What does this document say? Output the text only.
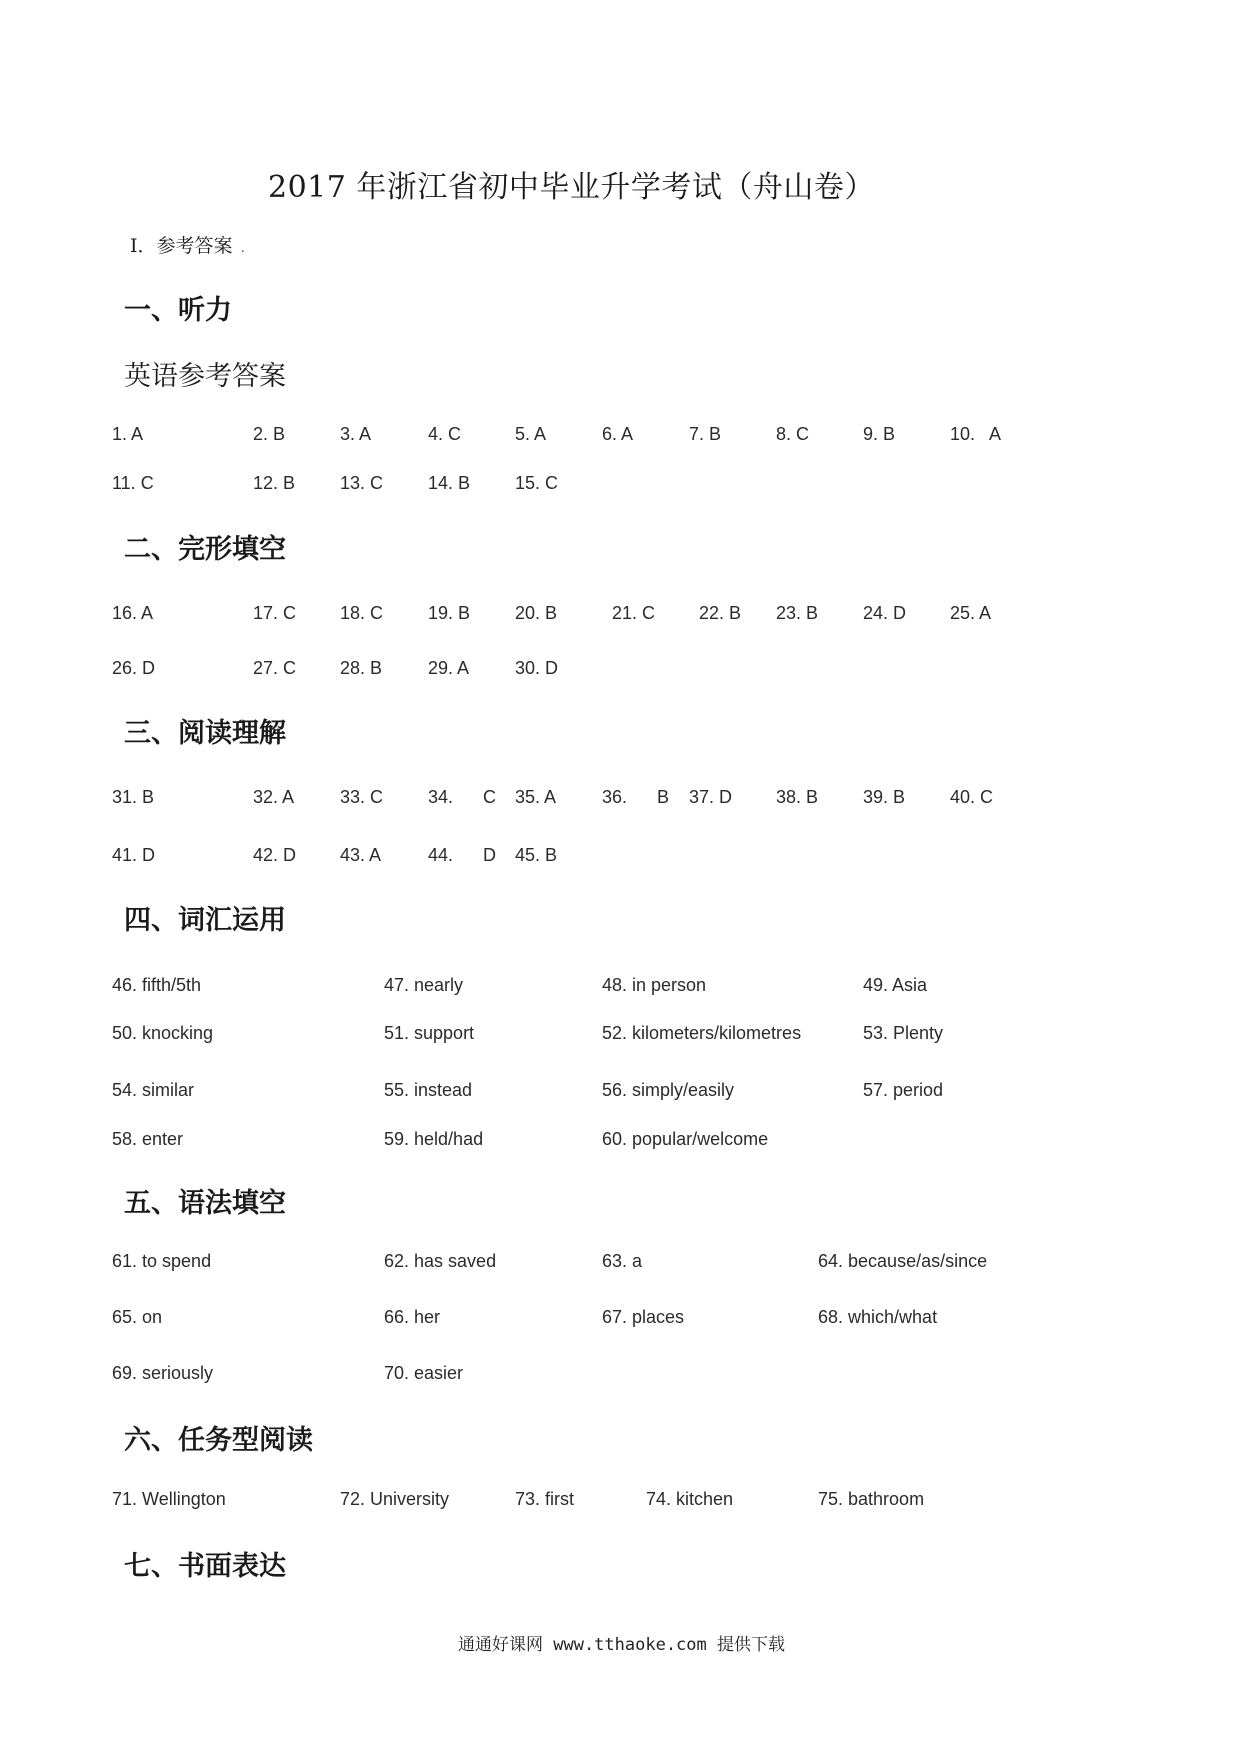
2017 年浙江省初中毕业升学考试（舟山卷）
Ⅰ．参考答案 .
一、听力
英语参考答案
1. A	2. B	3. A	4. C	5. A	6. A	7. B	8. C	9. B	10.   A
11. C	12. B 13. C 14. B 15. C
二、完形填空
16. A	17. C 18. C 19. B 20. B	21. C 22. B 23. B 24. D 25. A
26. D	27. C 28. B	29. A	30. D
三、阅读理解
31. B	32. A	33. C 34.      C 35. A	36.      B 37. D 38. B 39. B 40. C
41. D	42. D 43. A	44.      D 45. B
四、词汇运用
46. fifth/5th	47. nearly	48. in person	49. Asia
50. knocking	51. support	52. kilometers/kilometres	53. Plenty
54. similar	55. instead	56. simply/easily	57. period
58. enter	59. held/had	60. popular/welcome
五、语法填空
61. to spend	62. has saved	63. a	64. because/as/since
65. on	66. her	67. places	68. which/what
69. seriously	70. easier
六、任务型阅读
71. Wellington	72. University	73. first	74. kitchen	75. bathroom
七、书面表达
通通好课网 www.tthaoke.com 提供下载
